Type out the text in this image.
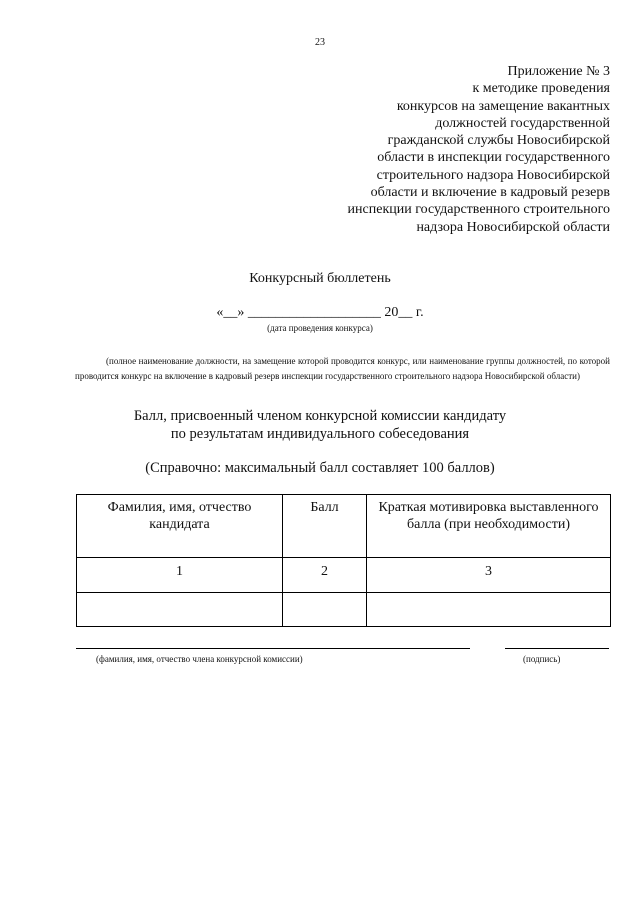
23
Приложение № 3
к методике проведения
конкурсов на замещение вакантных
должностей государственной
гражданской службы Новосибирской
области в инспекции государственного
строительного надзора Новосибирской
области и включение в кадровый резерв
инспекции государственного строительного
надзора Новосибирской области
Конкурсный бюллетень
«__» ___________________ 20__ г.
(дата проведения конкурса)
(полное наименование должности, на замещение которой проводится конкурс, или наименование группы должностей, по которой проводится конкурс на включение в кадровый резерв инспекции государственного строительного надзора Новосибирской области)
Балл, присвоенный членом конкурсной комиссии кандидату
по результатам индивидуального собеседования
(Справочно: максимальный балл составляет 100 баллов)
Фамилия, имя, отчество кандидата	Балл	Краткая мотивировка выставленного балла (при необходимости)
1	2	3

(фамилия, имя, отчество члена конкурсной комиссии)	(подпись)
